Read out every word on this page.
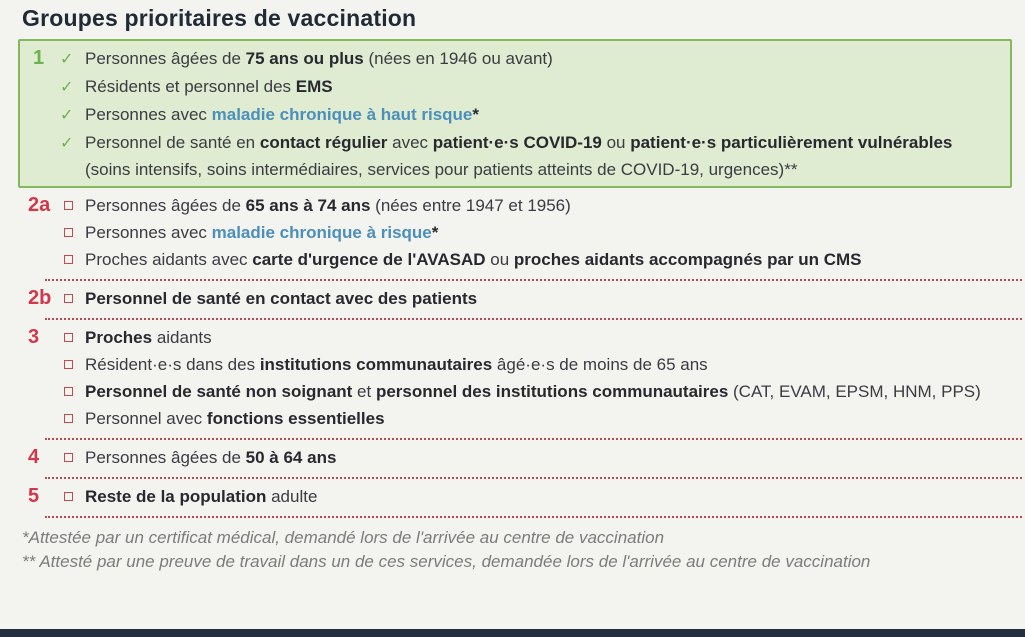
Groupes prioritaires de vaccination
1 ✓ Personnes âgées de 75 ans ou plus (nées en 1946 ou avant)
✓ Résidents et personnel des EMS
✓ Personnes avec maladie chronique à haut risque*
✓ Personnel de santé en contact régulier avec patient·e·s COVID-19 ou patient·e·s particulièrement vulnérables (soins intensifs, soins intermédiaires, services pour patients atteints de COVID-19, urgences)**
2a	Personnes âgées de 65 ans à 74 ans (nées entre 1947 et 1956)
Personnes avec maladie chronique à risque*
Proches aidants avec carte d'urgence de l'AVASAD ou proches aidants accompagnés par un CMS
2b	Personnel de santé en contact avec des patients
3	Proches aidants
Résident·e·s dans des institutions communautaires âgé·e·s de moins de 65 ans
Personnel de santé non soignant et personnel des institutions communautaires (CAT, EVAM, EPSM, HNM, PPS)
Personnel avec fonctions essentielles
4	Personnes âgées de 50 à 64 ans
5	Reste de la population adulte

*Attestée par un certificat médical, demandé lors de l'arrivée au centre de vaccination

** Attesté par une preuve de travail dans un de ces services, demandée lors de l'arrivée au centre de vaccination
